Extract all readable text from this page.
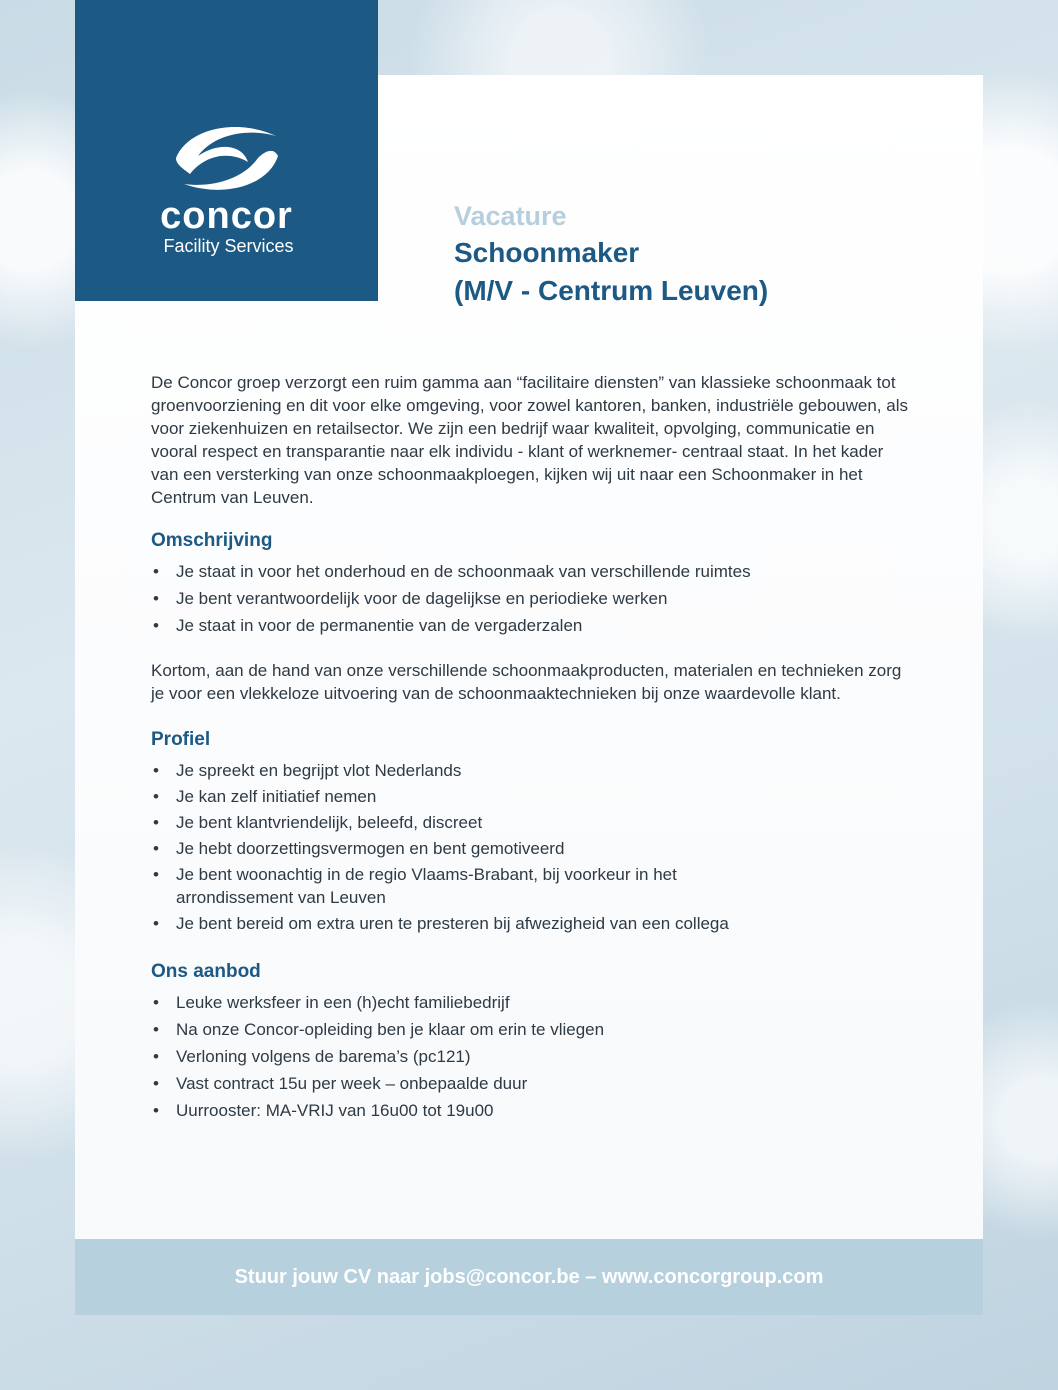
concor
Facility Services
Vacature
Schoonmaker
(M/V - Centrum Leuven)

De Concor groep verzorgt een ruim gamma aan “facilitaire diensten” van klassieke schoonmaak tot groenvoorziening en dit voor elke omgeving, voor zowel kantoren, banken, industriële gebouwen, als voor ziekenhuizen en retailsector. We zijn een bedrijf waar kwaliteit, opvolging, communicatie en vooral respect en transparantie naar elk individu - klant of werknemer- centraal staat. In het kader van een versterking van onze schoonmaakploegen, kijken wij uit naar een Schoonmaker in het Centrum van Leuven.

Omschrijving
• Je staat in voor het onderhoud en de schoonmaak van verschillende ruimtes
• Je bent verantwoordelijk voor de dagelijkse en periodieke werken
• Je staat in voor de permanentie van de vergaderzalen

Kortom, aan de hand van onze verschillende schoonmaakproducten, materialen en technieken zorg je voor een vlekkeloze uitvoering van de schoonmaaktechnieken bij onze waardevolle klant.

Profiel
• Je spreekt en begrijpt vlot Nederlands
• Je kan zelf initiatief nemen
• Je bent klantvriendelijk, beleefd, discreet
• Je hebt doorzettingsvermogen en bent gemotiveerd
• Je bent woonachtig in de regio Vlaams-Brabant, bij voorkeur in het arrondissement van Leuven
• Je bent bereid om extra uren te presteren bij afwezigheid van een collega
Ons aanbod
• Leuke werksfeer in een (h)echt familiebedrijf
• Na onze Concor-opleiding ben je klaar om erin te vliegen
• Verloning volgens de barema’s (pc121)
• Vast contract 15u per week – onbepaalde duur
• Uurrooster: MA-VRIJ van 16u00 tot 19u00
Stuur jouw CV naar jobs@concor.be – www.concorgroup.com
